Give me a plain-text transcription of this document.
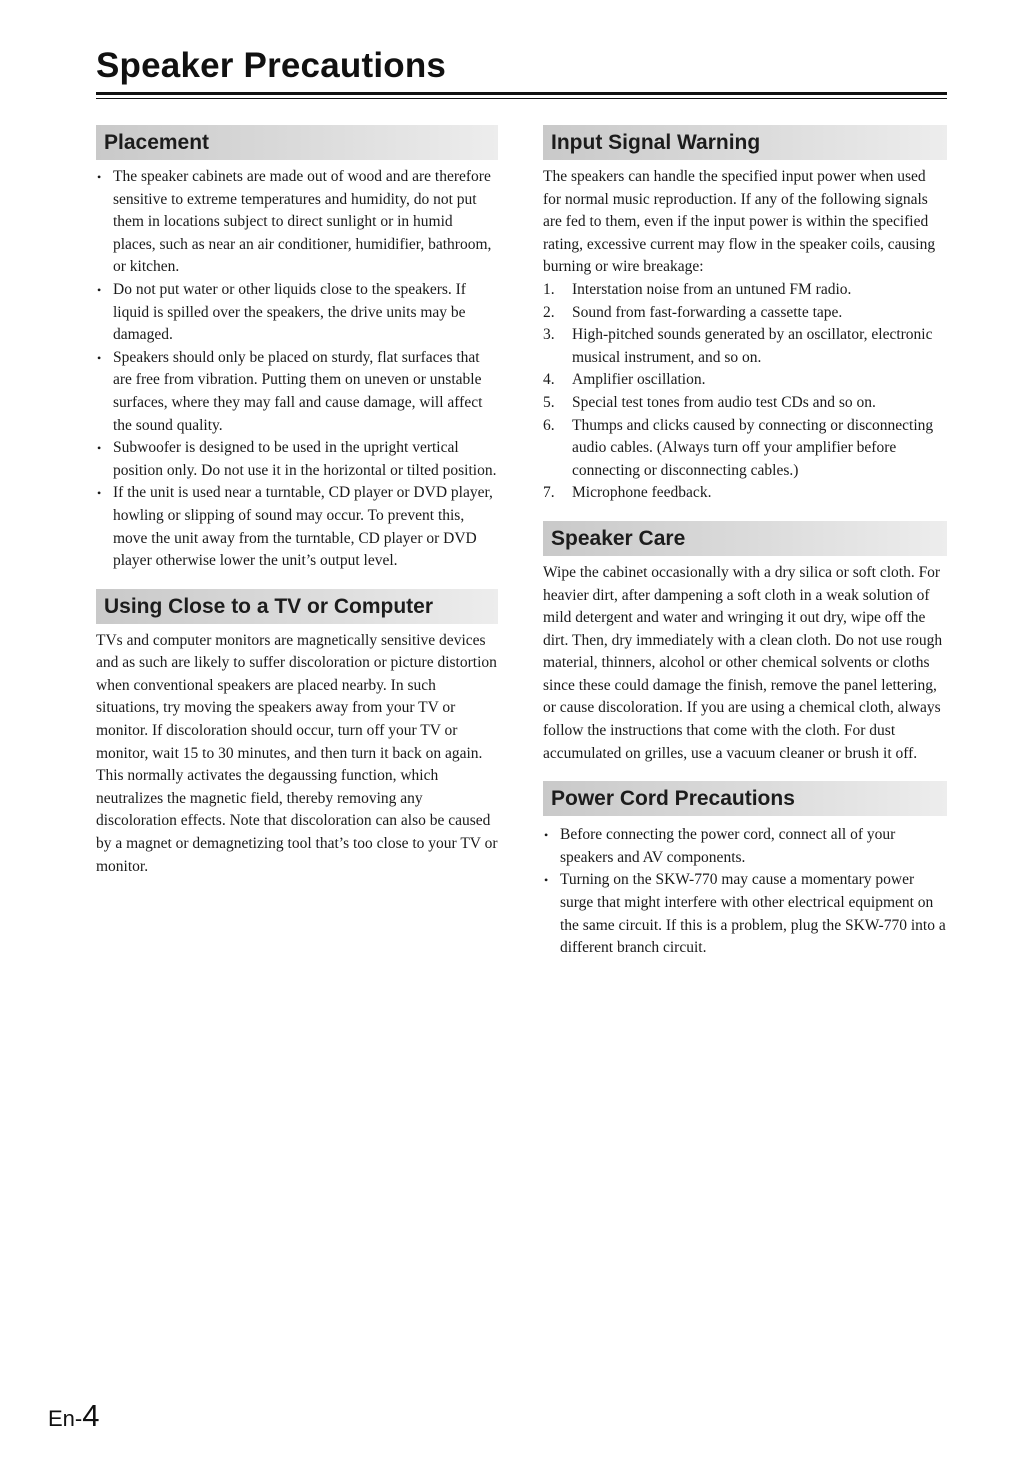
Speaker Precautions
Placement
• The speaker cabinets are made out of wood and are therefore sensitive to extreme temperatures and humidity, do not put them in locations subject to direct sunlight or in humid places, such as near an air conditioner, humidifier, bathroom, or kitchen.
• Do not put water or other liquids close to the speakers. If liquid is spilled over the speakers, the drive units may be damaged.
• Speakers should only be placed on sturdy, flat surfaces that are free from vibration. Putting them on uneven or unstable surfaces, where they may fall and cause damage, will affect the sound quality.
• Subwoofer is designed to be used in the upright vertical position only. Do not use it in the horizontal or tilted position.
• If the unit is used near a turntable, CD player or DVD player, howling or slipping of sound may occur. To prevent this, move the unit away from the turntable, CD player or DVD player otherwise lower the unit’s output level.
Using Close to a TV or Computer

TVs and computer monitors are magnetically sensitive devices and as such are likely to suffer discoloration or picture distortion when conventional speakers are placed nearby. In such situations, try moving the speakers away from your TV or monitor. If discoloration should occur, turn off your TV or monitor, wait 15 to 30 minutes, and then turn it back on again. This normally activates the degaussing function, which neutralizes the magnetic field, thereby removing any discoloration effects. Note that discoloration can also be caused by a magnet or demagnetizing tool that’s too close to your TV or monitor.

Input Signal Warning

The speakers can handle the specified input power when used for normal music reproduction. If any of the following signals are fed to them, even if the input power is within the specified rating, excessive current may flow in the speaker coils, causing burning or wire breakage:

1. Interstation noise from an untuned FM radio.
2. Sound from fast-forwarding a cassette tape.
3. High-pitched sounds generated by an oscillator, electronic musical instrument, and so on.
4. Amplifier oscillation.
5. Special test tones from audio test CDs and so on.
6. Thumps and clicks caused by connecting or disconnecting audio cables. (Always turn off your amplifier before connecting or disconnecting cables.)
7. Microphone feedback.
Speaker Care

Wipe the cabinet occasionally with a dry silica or soft cloth. For heavier dirt, after dampening a soft cloth in a weak solution of mild detergent and water and wringing it out dry, wipe off the dirt. Then, dry immediately with a clean cloth. Do not use rough material, thinners, alcohol or other chemical solvents or cloths since these could damage the finish, remove the panel lettering, or cause discoloration. If you are using a chemical cloth, always follow the instructions that come with the cloth. For dust accumulated on grilles, use a vacuum cleaner or brush it off.

Power Cord Precautions
• Before connecting the power cord, connect all of your speakers and AV components.
• Turning on the SKW-770 may cause a momentary power surge that might interfere with other electrical equipment on the same circuit. If this is a problem, plug the SKW-770 into a different branch circuit.
En-4
